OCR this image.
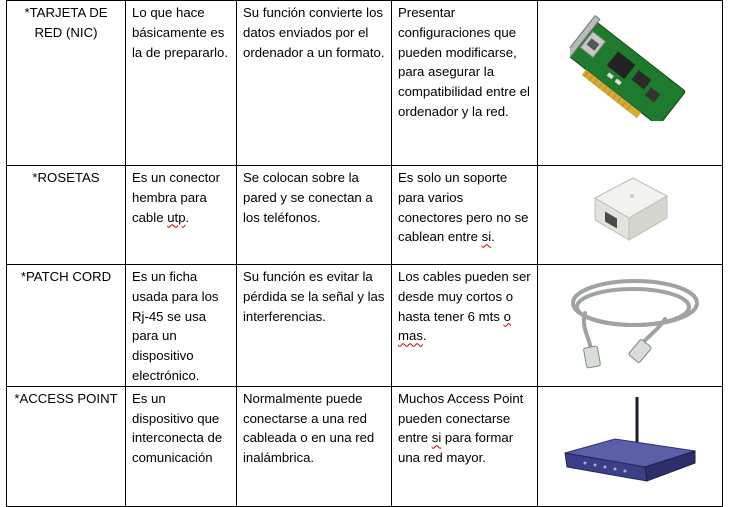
*TARJETA DE RED (NIC)	Lo que hace básicamente es la de prepararlo.	Su función convierte los datos enviados por el ordenador a un formato.	Presentar configuraciones que pueden modificarse, para asegurar la compatibilidad entre el ordenador y la red.	

*ROSETAS	Es un conector hembra para cable utp.	Se colocan sobre la pared y se conectan a los teléfonos.	Es solo un soporte para varios conectores pero no se cablean entre si.	

*PATCH CORD	Es un ficha usada para los Rj-45 se usa para un dispositivo electrónico.	Su función es evitar la pérdida se la señal y las interferencias.	Los cables pueden ser desde muy cortos o hasta tener 6 mts o mas.	

*ACCESS POINT	Es un dispositivo que interconecta de comunicación	Normalmente puede conectarse a una red cableada o en una red inalámbrica.	Muchos Access Point pueden conectarse entre si para formar una red mayor.	
